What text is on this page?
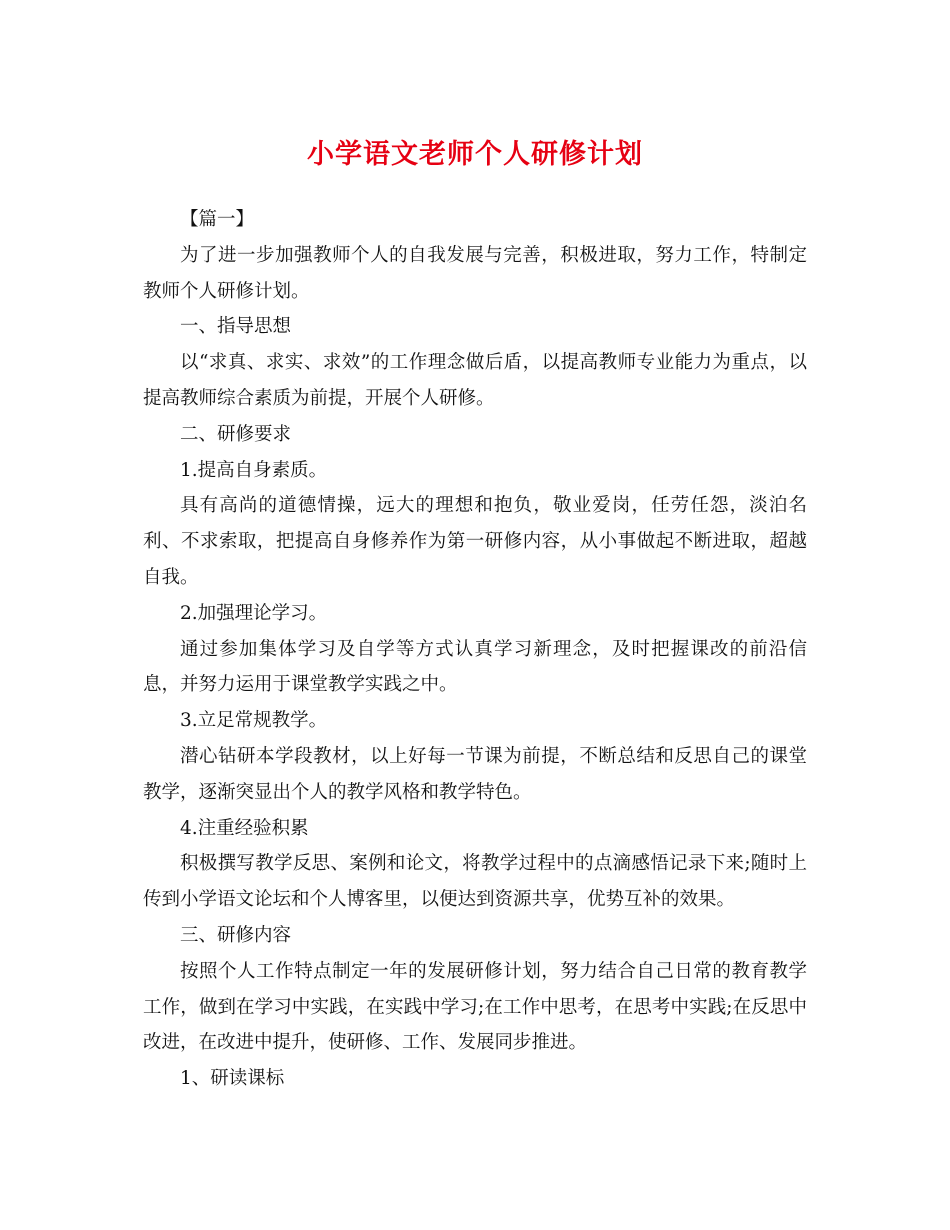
小学语文老师个人研修计划

【篇一】

为了进一步加强教师个人的自我发展与完善，积极进取，努力工作，特制定教师个人研修计划。

一、指导思想

以“求真、求实、求效”的工作理念做后盾，以提高教师专业能力为重点，以提高教师综合素质为前提，开展个人研修。

二、研修要求

1.提高自身素质。

具有高尚的道德情操，远大的理想和抱负，敬业爱岗，任劳任怨，淡泊名利、不求索取，把提高自身修养作为第一研修内容，从小事做起不断进取，超越自我。

2.加强理论学习。

通过参加集体学习及自学等方式认真学习新理念，及时把握课改的前沿信息，并努力运用于课堂教学实践之中。

3.立足常规教学。

潜心钻研本学段教材，以上好每一节课为前提，不断总结和反思自己的课堂教学，逐渐突显出个人的教学风格和教学特色。

4.注重经验积累

积极撰写教学反思、案例和论文，将教学过程中的点滴感悟记录下来;随时上传到小学语文论坛和个人博客里，以便达到资源共享，优势互补的效果。

三、研修内容

按照个人工作特点制定一年的发展研修计划，努力结合自己日常的教育教学工作，做到在学习中实践，在实践中学习;在工作中思考，在思考中实践;在反思中改进，在改进中提升，使研修、工作、发展同步推进。

1、研读课标
